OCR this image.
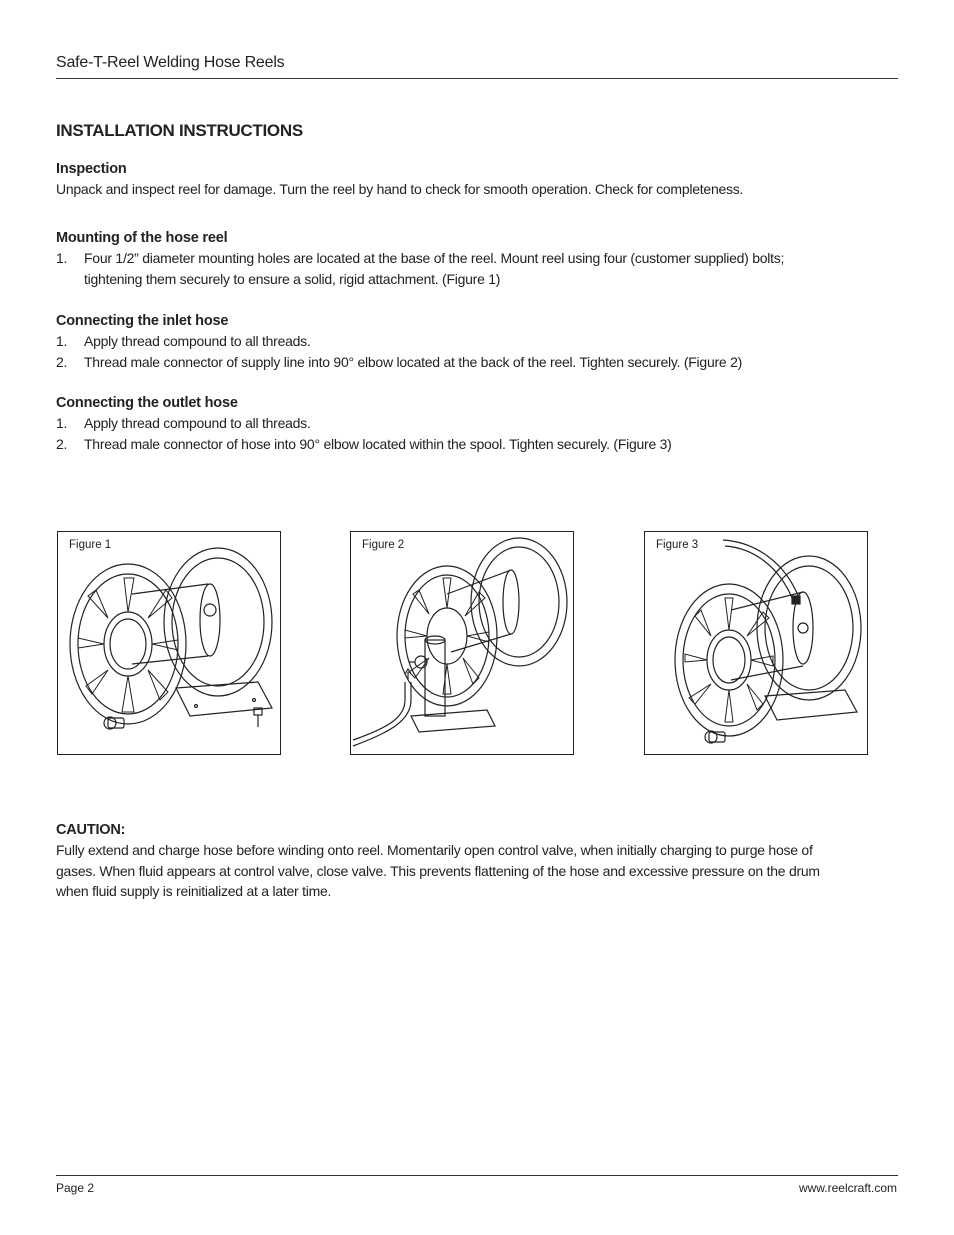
Safe-T-Reel Welding Hose Reels
INSTALLATION INSTRUCTIONS
Inspection

Unpack and inspect reel for damage. Turn the reel by hand to check for smooth operation. Check for completeness.

Mounting of the hose reel
1.	Four 1/2” diameter mounting holes are located at the base of the reel. Mount reel using four (customer supplied) bolts; tightening them securely to ensure a solid, rigid attachment. (Figure 1)
Connecting the inlet hose
1.	Apply thread compound to all threads.
2.	Thread male connector of supply line into 90° elbow located at the back of the reel. Tighten securely. (Figure 2)
Connecting the outlet hose
1.	Apply thread compound to all threads.
2.	Thread male connector of hose into 90° elbow located within the spool. Tighten securely. (Figure 3)
Figure 1	Figure 2	Figure 3
CAUTION:

Fully extend and charge hose before winding onto reel. Momentarily open control valve, when initially charging to purge hose of gases. When fluid appears at control valve, close valve. This prevents flattening of the hose and excessive pressure on the drum when fluid supply is reinitialized at a later time.

Page 2	www.reelcraft.com
